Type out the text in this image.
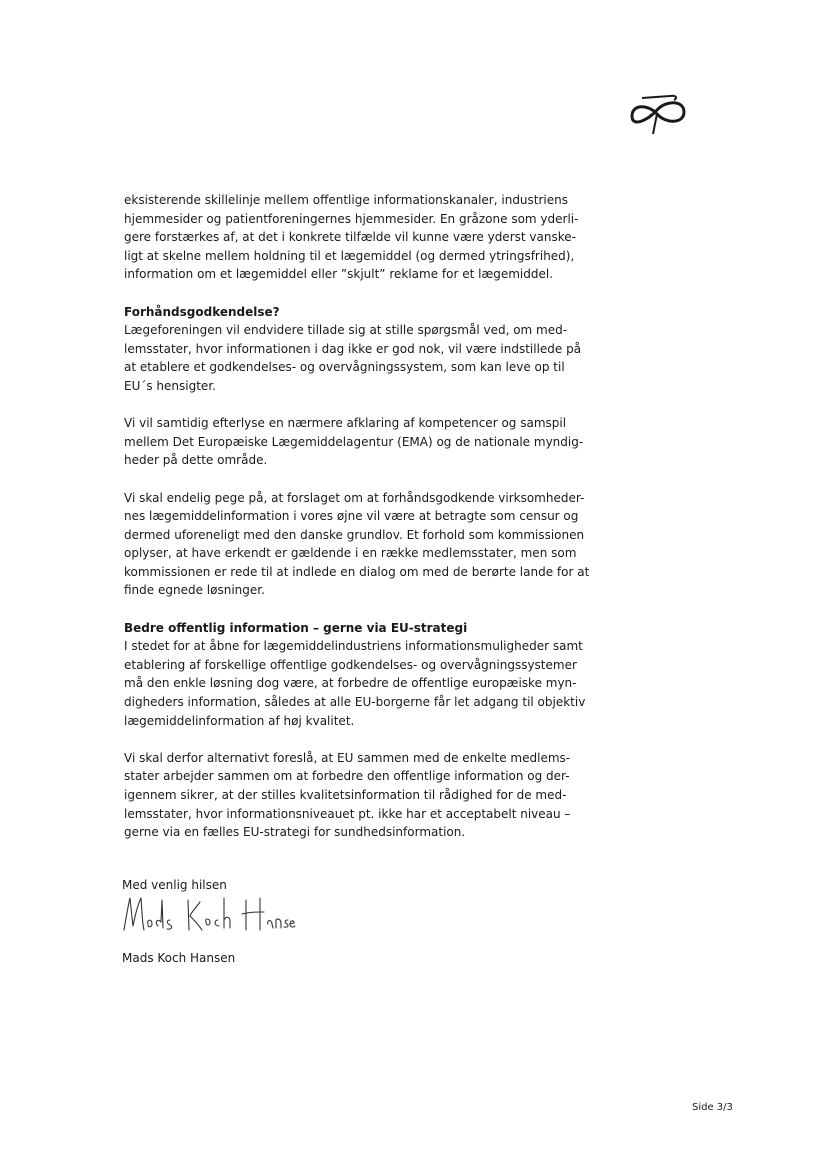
eksisterende skillelinje mellem offentlige informationskanaler, industriens
hjemmesider og patientforeningernes hjemmesider. En gråzone som yderli-
gere forstærkes af, at det i konkrete tilfælde vil kunne være yderst vanske-
ligt at skelne mellem holdning til et lægemiddel (og dermed ytringsfrihed),
information om et lægemiddel eller ”skjult” reklame for et lægemiddel.
Forhåndsgodkendelse?
Lægeforeningen vil endvidere tillade sig at stille spørgsmål ved, om med-
lemsstater, hvor informationen i dag ikke er god nok, vil være indstillede på
at etablere et godkendelses- og overvågningssystem, som kan leve op til
EU´s hensigter.
Vi vil samtidig efterlyse en nærmere afklaring af kompetencer og samspil
mellem Det Europæiske Lægemiddelagentur (EMA) og de nationale myndig-
heder på dette område.
Vi skal endelig pege på, at forslaget om at forhåndsgodkende virksomheder-
nes lægemiddelinformation i vores øjne vil være at betragte som censur og
dermed uforeneligt med den danske grundlov. Et forhold som kommissionen
oplyser, at have erkendt er gældende i en række medlemsstater, men som
kommissionen er rede til at indlede en dialog om med de berørte lande for at
finde egnede løsninger.
Bedre offentlig information – gerne via EU-strategi
I stedet for at åbne for lægemiddelindustriens informationsmuligheder samt
etablering af forskellige offentlige godkendelses- og overvågningssystemer
må den enkle løsning dog være, at forbedre de offentlige europæiske myn-
digheders information, således at alle EU-borgerne får let adgang til objektiv
lægemiddelinformation af høj kvalitet.
Vi skal derfor alternativt foreslå, at EU sammen med de enkelte medlems-
stater arbejder sammen om at forbedre den offentlige information og der-
igennem sikrer, at der stilles kvalitetsinformation til rådighed for de med-
lemsstater, hvor informationsniveauet pt. ikke har et acceptabelt niveau –
gerne via en fælles EU-strategi for sundhedsinformation.
Med venlig hilsen
Mads Koch Hansen
Side 3/3
